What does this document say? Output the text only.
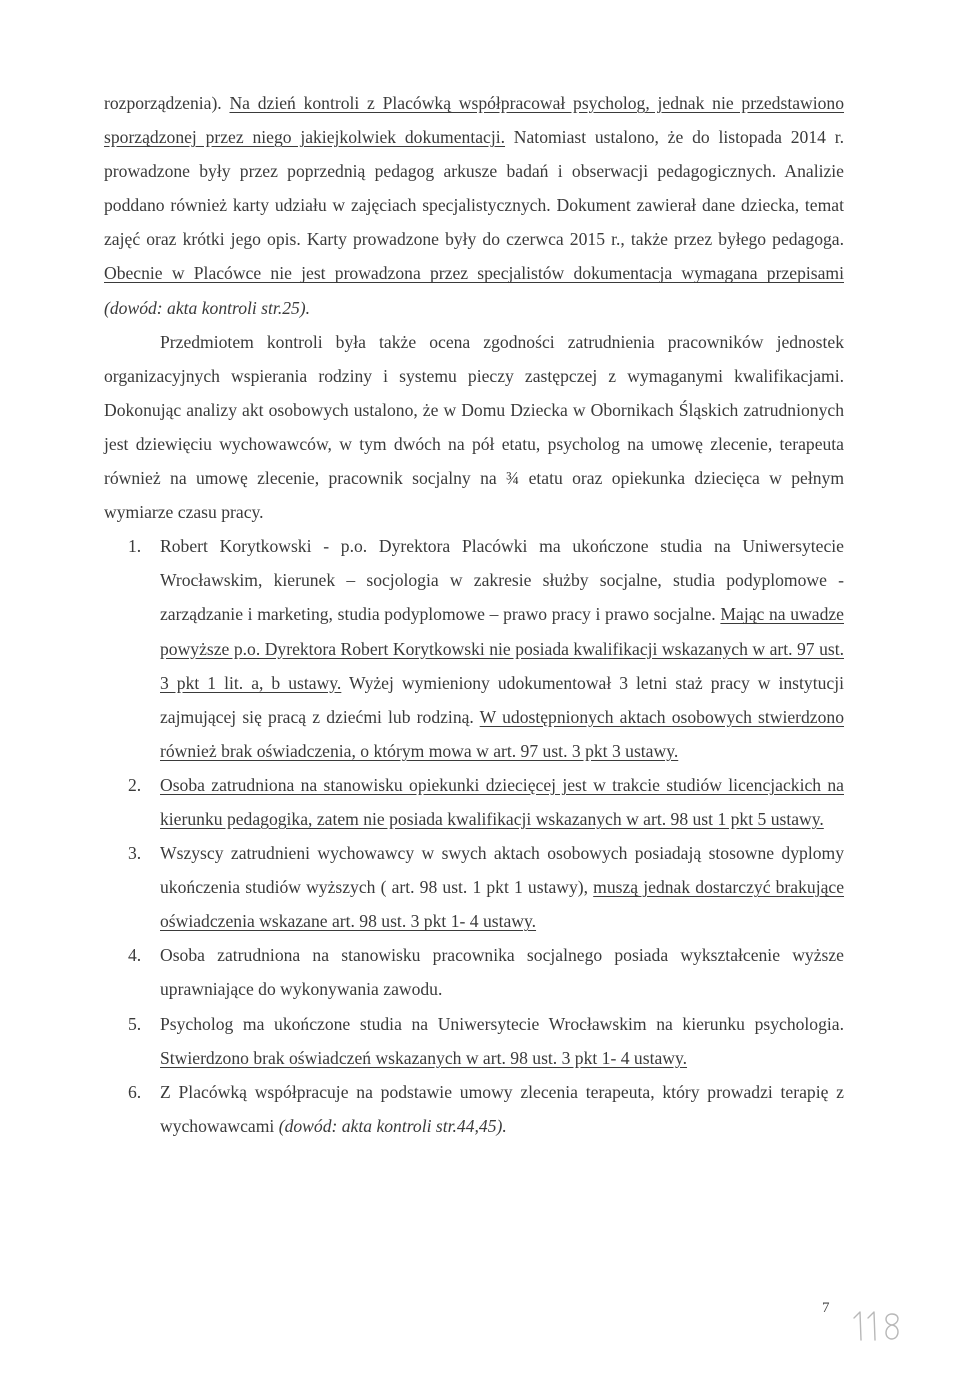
rozporządzenia). Na dzień kontroli z Placówką współpracował psycholog, jednak nie przedstawiono sporządzonej przez niego jakiejkolwiek dokumentacji. Natomiast ustalono, że do listopada 2014 r. prowadzone były przez poprzednią pedagog arkusze badań i obserwacji pedagogicznych. Analizie poddano również karty udziału w zajęciach specjalistycznych. Dokument zawierał dane dziecka, temat zajęć oraz krótki jego opis. Karty prowadzone były do czerwca 2015 r., także przez byłego pedagoga. Obecnie w Placówce nie jest prowadzona przez specjalistów dokumentacja wymagana przepisami (dowód: akta kontroli str.25).

Przedmiotem kontroli była także ocena zgodności zatrudnienia pracowników jednostek organizacyjnych wspierania rodziny i systemu pieczy zastępczej z wymaganymi kwalifikacjami. Dokonując analizy akt osobowych ustalono, że w Domu Dziecka w Obornikach Śląskich zatrudnionych jest dziewięciu wychowawców, w tym dwóch na pół etatu, psycholog na umowę zlecenie, terapeuta również na umowę zlecenie, pracownik socjalny na ¾ etatu oraz opiekunka dziecięca w pełnym wymiarze czasu pracy.

1. Robert Korytkowski - p.o. Dyrektora Placówki ma ukończone studia na Uniwersytecie Wrocławskim, kierunek – socjologia w zakresie służby socjalne, studia podyplomowe - zarządzanie i marketing, studia podyplomowe – prawo pracy i prawo socjalne. Mając na uwadze powyższe p.o. Dyrektora Robert Korytkowski nie posiada kwalifikacji wskazanych w art. 97 ust. 3 pkt 1 lit. a, b ustawy. Wyżej wymieniony udokumentował 3 letni staż pracy w instytucji zajmującej się pracą z dziećmi lub rodziną. W udostępnionych aktach osobowych stwierdzono również brak oświadczenia, o którym mowa w art. 97 ust. 3 pkt 3 ustawy.
2. Osoba zatrudniona na stanowisku opiekunki dziecięcej jest w trakcie studiów licencjackich na kierunku pedagogika, zatem nie posiada kwalifikacji wskazanych w art. 98 ust 1 pkt 5 ustawy.
3. Wszyscy zatrudnieni wychowawcy w swych aktach osobowych posiadają stosowne dyplomy ukończenia studiów wyższych ( art. 98 ust. 1 pkt 1 ustawy), muszą jednak dostarczyć brakujące oświadczenia wskazane art. 98 ust. 3 pkt 1- 4 ustawy.
4. Osoba zatrudniona na stanowisku pracownika socjalnego posiada wykształcenie wyższe uprawniające do wykonywania zawodu.
5. Psycholog ma ukończone studia na Uniwersytecie Wrocławskim na kierunku psychologia. Stwierdzono brak oświadczeń wskazanych w art. 98 ust. 3 pkt 1- 4 ustawy.
6. Z Placówką współpracuje na podstawie umowy zlecenia terapeuta, który prowadzi terapię z wychowawcami (dowód: akta kontroli str.44,45).
7
